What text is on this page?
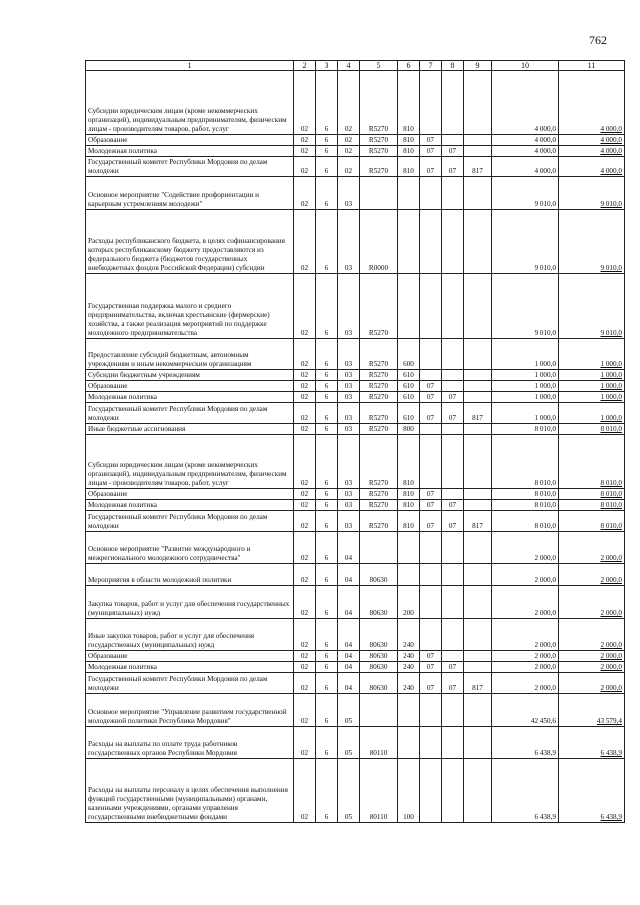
762
1	2	3	4	5	6	7	8	9	10	11
Субсидии юридическим лицам (кроме некоммерческих организаций), индивидуальным предпринимателям, физическим лицам - производителям товаров, работ, услуг	02	6	02	R5270	810				4 000,0	4 000,0
Образование	02	6	02	R5270	810	07			4 000,0	4 000,0
Молодежная политика	02	6	02	R5270	810	07	07		4 000,0	4 000,0
Государственный комитет Республики Мордовия по делам молодежи	02	6	02	R5270	810	07	07	817	4 000,0	4 000,0
Основное мероприятие "Содействие профориентации и карьерным устремлениям молодежи"	02	6	03						9 010,0	9 010,0
Расходы республиканского бюджета, в целях софинансирования которых республиканскому бюджету предоставляются из федерального бюджета (бюджетов государственных внебюджетных фондов Российской Федерации) субсидии	02	6	03	R0000					9 010,0	9 010,0
Государственная поддержка малого и среднего предпринимательства, включая крестьянские (фермерские) хозяйства, а также реализация мероприятий по поддержке молодежного предпринимательства	02	6	03	R5270					9 010,0	9 010,0
Предоставление субсидий бюджетным, автономным учреждениям и иным некоммерческим организациям	02	6	03	R5270	600				1 000,0	1 000,0
Субсидии бюджетным учреждениям	02	6	03	R5270	610				1 000,0	1 000,0
Образование	02	6	03	R5270	610	07			1 000,0	1 000,0
Молодежная политика	02	6	03	R5270	610	07	07		1 000,0	1 000,0
Государственный комитет Республики Мордовия по делам молодежи	02	6	03	R5270	610	07	07	817	1 000,0	1 000,0
Иные бюджетные ассигнования	02	6	03	R5270	800				8 010,0	8 010,0
Субсидии юридическим лицам (кроме некоммерческих организаций), индивидуальным предпринимателям, физическим лицам - производителям товаров, работ, услуг	02	6	03	R5270	810				8 010,0	8 010,0
Образование	02	6	03	R5270	810	07			8 010,0	8 010,0
Молодежная политика	02	6	03	R5270	810	07	07		8 010,0	8 010,0
Государственный комитет Республики Мордовия по делам молодежи	02	6	03	R5270	810	07	07	817	8 010,0	8 010,0
Основное мероприятие "Развитие международного и межрегионального молодежного сотрудничества"	02	6	04						2 000,0	2 000,0
Мероприятия в области молодежной политики	02	6	04	80630					2 000,0	2 000,0
Закупка товаров, работ и услуг для обеспечения государственных (муниципальных) нужд	02	6	04	80630	200				2 000,0	2 000,0
Иные закупки товаров, работ и услуг для обеспечения государственных (муниципальных) нужд	02	6	04	80630	240				2 000,0	2 000,0
Образование	02	6	04	80630	240	07			2 000,0	2 000,0
Молодежная политика	02	6	04	80630	240	07	07		2 000,0	2 000,0
Государственный комитет Республики Мордовия по делам молодежи	02	6	04	80630	240	07	07	817	2 000,0	2 000,0
Основное мероприятие "Управление развитием государственной молодежной политики Республики Мордовия"	02	6	05						42 450,6	43 579,4
Расходы на выплаты по оплате труда работников государственных органов Республики Мордовия	02	6	05	80110					6 438,9	6 438,9
Расходы на выплаты персоналу в целях обеспечения выполнения функций государственными (муниципальными) органами, казенными учреждениями, органами управления государственными внебюджетными фондами	02	6	05	80110	100				6 438,9	6 438,9
